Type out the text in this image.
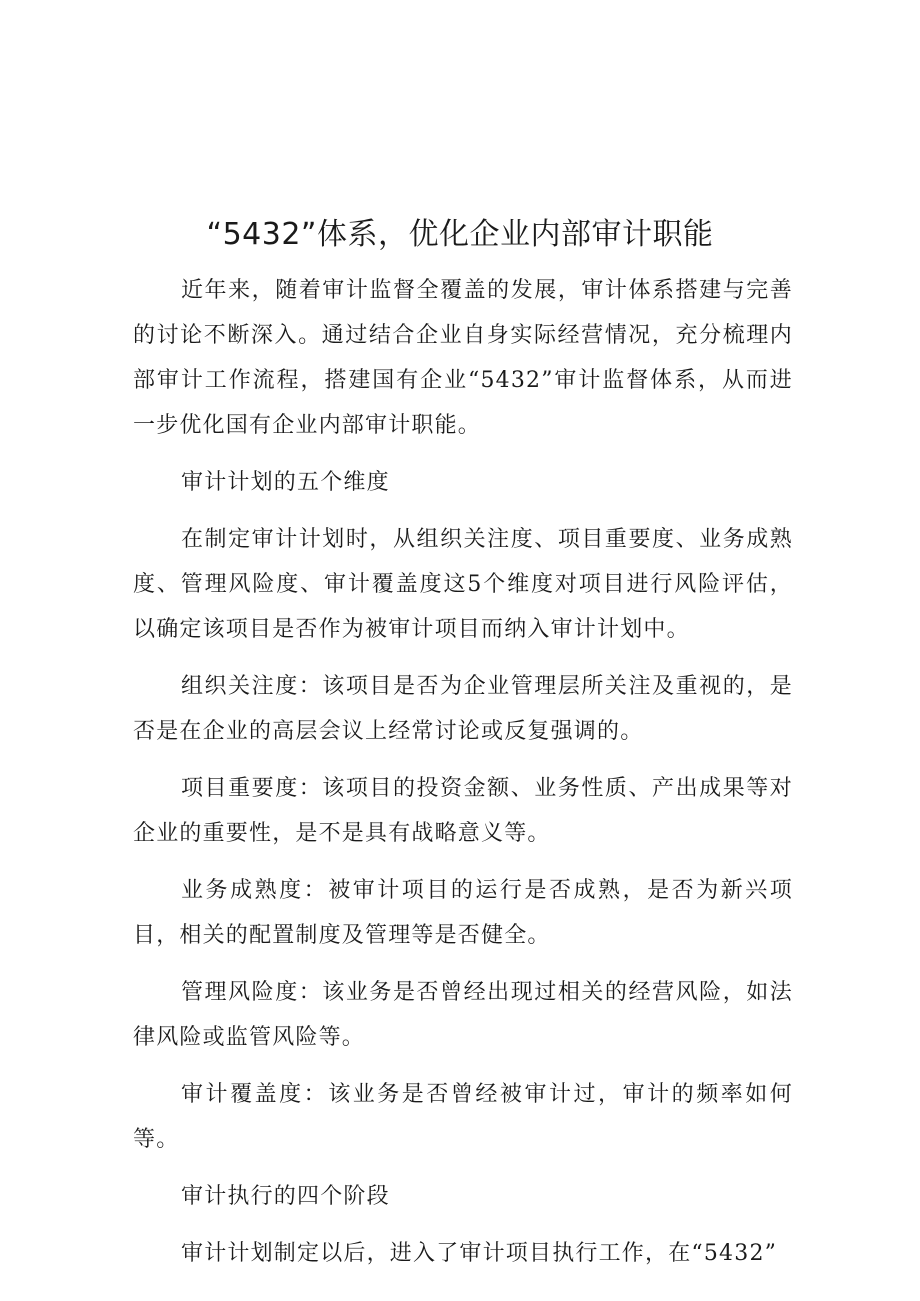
“5432”体系，优化企业内部审计职能

近年来，随着审计监督全覆盖的发展，审计体系搭建与完善的讨论不断深入。通过结合企业自身实际经营情况，充分梳理内部审计工作流程，搭建国有企业“5432”审计监督体系，从而进一步优化国有企业内部审计职能。

审计计划的五个维度

在制定审计计划时，从组织关注度、项目重要度、业务成熟度、管理风险度、审计覆盖度这5个维度对项目进行风险评估，以确定该项目是否作为被审计项目而纳入审计计划中。

组织关注度：该项目是否为企业管理层所关注及重视的，是否是在企业的高层会议上经常讨论或反复强调的。

项目重要度：该项目的投资金额、业务性质、产出成果等对企业的重要性，是不是具有战略意义等。

业务成熟度：被审计项目的运行是否成熟，是否为新兴项目，相关的配置制度及管理等是否健全。

管理风险度：该业务是否曾经出现过相关的经营风险，如法律风险或监管风险等。

审计覆盖度：该业务是否曾经被审计过，审计的频率如何等。

审计执行的四个阶段

审计计划制定以后，进入了审计项目执行工作，在“5432”
